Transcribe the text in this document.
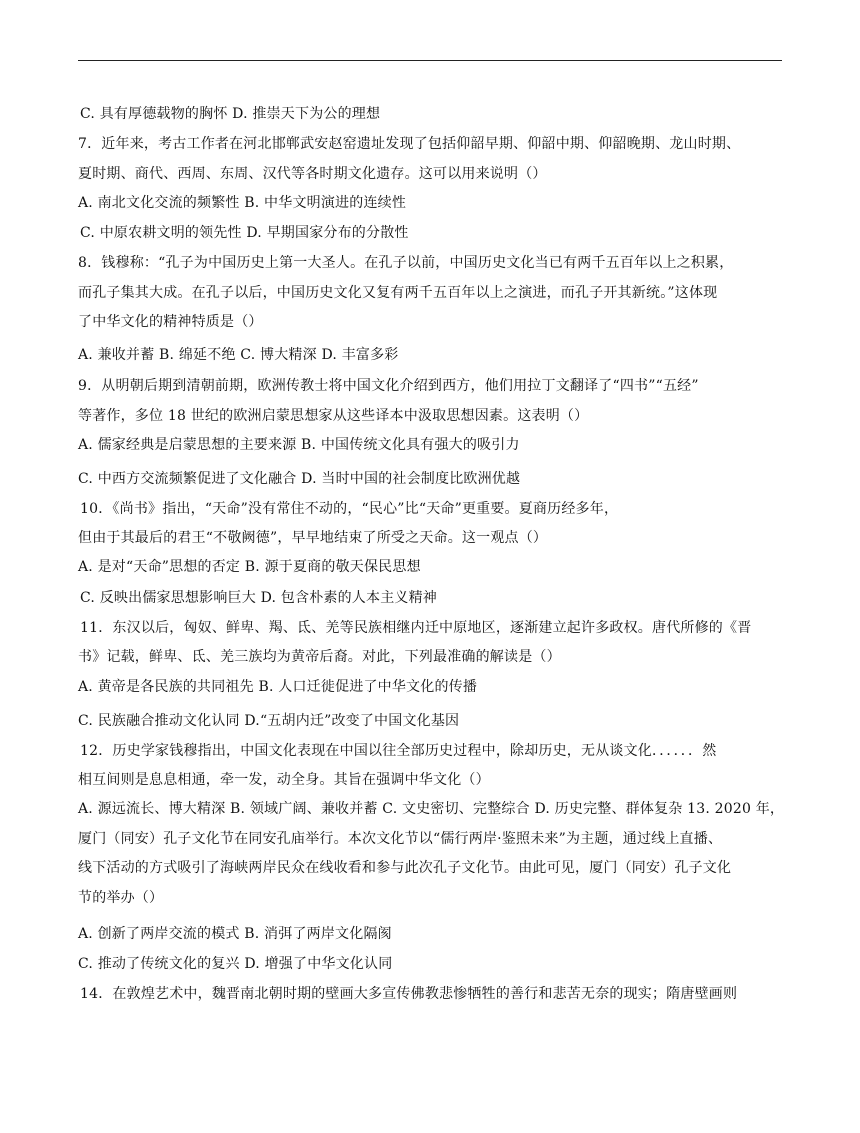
C. 具有厚德载物的胸怀 D. 推崇天下为公的理想
7．近年来，考古工作者在河北邯郸武安赵窑遗址发现了包括仰韶早期、仰韶中期、仰韶晚期、龙山时期、
夏时期、商代、西周、东周、汉代等各时期文化遗存。这可以用来说明（）
A. 南北文化交流的频繁性 B. 中华文明演进的连续性
C. 中原农耕文明的领先性 D. 早期国家分布的分散性
8．钱穆称：“孔子为中国历史上第一大圣人。在孔子以前，中国历史文化当已有两千五百年以上之积累，
而孔子集其大成。在孔子以后，中国历史文化又复有两千五百年以上之演进，而孔子开其新统。”这体现
了中华文化的精神特质是（）
A. 兼收并蓄 B. 绵延不绝 C. 博大精深 D. 丰富多彩
9．从明朝后期到清朝前期，欧洲传教士将中国文化介绍到西方，他们用拉丁文翻译了“四书”“五经”
等著作，多位 18 世纪的欧洲启蒙思想家从这些译本中汲取思想因素。这表明（）
A. 儒家经典是启蒙思想的主要来源 B. 中国传统文化具有强大的吸引力
C. 中西方交流频繁促进了文化融合 D. 当时中国的社会制度比欧洲优越
10．《尚书》指出，“天命”没有常住不动的，“民心”比“天命”更重要。夏商历经多年，
但由于其最后的君王“不敬阙德”，早早地结束了所受之天命。这一观点（）
A. 是对“天命”思想的否定 B. 源于夏商的敬天保民思想
C. 反映出儒家思想影响巨大 D. 包含朴素的人本主义精神
11．东汉以后，匈奴、鲜卑、羯、氐、羌等民族相继内迁中原地区，逐渐建立起许多政权。唐代所修的《晋
书》记载，鲜卑、氐、羌三族均为黄帝后裔。对此，下列最准确的解读是（）
A. 黄帝是各民族的共同祖先 B. 人口迁徙促进了中华文化的传播
C. 民族融合推动文化认同 D.“五胡内迁”改变了中国文化基因
12．历史学家钱穆指出，中国文化表现在中国以往全部历史过程中，除却历史，无从谈文化．．．．．．然
相互间则是息息相通，牵一发，动全身。其旨在强调中华文化（）
A. 源远流长、博大精深 B. 领域广阔、兼收并蓄 C. 文史密切、完整综合 D. 历史完整、群体复杂 13. 2020 年，
厦门（同安）孔子文化节在同安孔庙举行。本次文化节以“儒行两岸·鉴照未来”为主题，通过线上直播、
线下活动的方式吸引了海峡两岸民众在线收看和参与此次孔子文化节。由此可见，厦门（同安）孔子文化
节的举办（）
A. 创新了两岸交流的模式 B. 消弭了两岸文化隔阂
C. 推动了传统文化的复兴 D. 增强了中华文化认同
14．在敦煌艺术中，魏晋南北朝时期的壁画大多宣传佛教悲惨牺牲的善行和悲苦无奈的现实；隋唐壁画则
